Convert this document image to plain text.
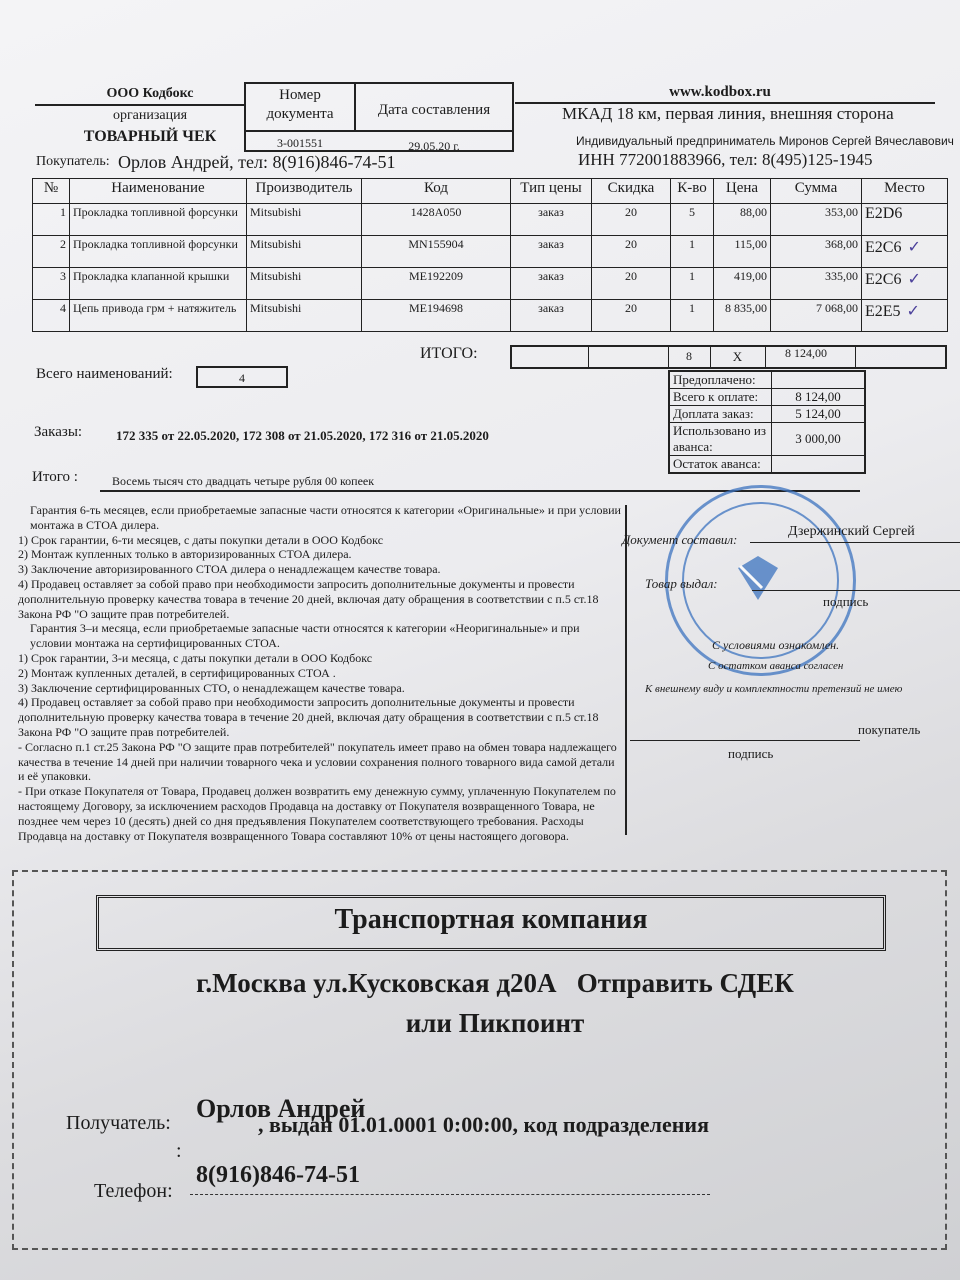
ООО Кодбокс
организация
ТОВАРНЫЙ ЧЕК
Номер документа	Дата составления
3-001551	29.05.20 г.
Покупатель: Орлов Андрей, тел: 8(916)846-74-51
www.kodbox.ru
МКАД 18 км, первая линия, внешняя сторона
Индивидуальный предприниматель Миронов Сергей Вячеславович
ИНН 772001883966, тел: 8(495)125-1945
№	Наименование	Производитель	Код	Тип цены	Скидка	К-во	Цена	Сумма	Место
1	Прокладка топливной форсунки	Mitsubishi	1428A050	заказ	20	5	88,00	353,00	E2D6
2	Прокладка топливной форсунки	Mitsubishi	MN155904	заказ	20	1	115,00	368,00	E2C6 ✓
3	Прокладка клапанной крышки	Mitsubishi	ME192209	заказ	20	1	419,00	335,00	E2C6 ✓
4	Цепь привода грм + натяжитель	Mitsubishi	ME194698	заказ	20	1	8 835,00	7 068,00	E2E5 ✓
ИТОГО:	8	X	8 124,00
Предоплачено:	
Всего к оплате:	8 124,00
Доплата заказ:	5 124,00
Использовано из аванса:	3 000,00
Остаток аванса:	
Всего наименований:	4
Заказы:	172 335 от 22.05.2020, 172 308 от 21.05.2020, 172 316 от 21.05.2020
Итого :	Восемь тысяч сто двадцать четыре рубля 00 копеек
Гарантия 6-ть месяцев, если приобретаемые запасные части относятся к категории «Оригинальные» и при условии монтажа в СТОА дилера.
1) Срок гарантии, 6-ти месяцев, с даты покупки детали в ООО Кодбокс
2) Монтаж купленных только в авторизированных СТОА дилера.
3) Заключение авторизированного СТОА дилера о ненадлежащем качестве товара.
4) Продавец оставляет за собой право при необходимости запросить дополнительные документы и провести дополнительную проверку качества товара в течение 20 дней, включая дату обращения в соответствии с п.5 ст.18 Закона РФ "О защите прав потребителей.
Гарантия 3–и месяца, если приобретаемые запасные части относятся к категории «Неоригинальные» и при условии монтажа на сертифицированных СТОА.
1) Срок гарантии, 3-и месяца, с даты покупки детали в ООО Кодбокс
2) Монтаж купленных деталей, в сертифицированных СТОА .
3) Заключение сертифицированных СТО, о ненадлежащем качестве товара.
4) Продавец оставляет за собой право при необходимости запросить дополнительные документы и провести дополнительную проверку качества товара в течение 20 дней, включая дату обращения в соответствии с п.5 ст.18 Закона РФ "О защите прав потребителей.
- Согласно п.1 ст.25 Закона РФ "О защите прав потребителей" покупатель имеет право на обмен товара надлежащего качества в течение 14 дней при наличии товарного чека и условии сохранения полного товарного вида самой детали и её упаковки.
- При отказе Покупателя от Товара, Продавец должен возвратить ему денежную сумму, уплаченную Покупателем по настоящему Договору, за исключением расходов Продавца на доставку от Покупателя возвращенного Товара, не позднее чем через 10 (десять) дней со дня предъявления Покупателем соответствующего требования. Расходы Продавца на доставку от Покупателя возвращенного Товара составляют 10% от цены настоящего договора.
Документ составил:
Дзержинский Сергей
Товар выдал:
подпись
С условиями ознакомлен.
С остатком аванса согласен
К внешнему виду и комплектности претензий не имею
покупатель
подпись
Транспортная компания
г.Москва ул.Кусковская д20А   Отправить СДЕК
или Пикпоинт
Получатель: Орлов Андрей
:
, выдан 01.01.0001 0:00:00, код подразделения
Телефон:
8(916)846-74-51
